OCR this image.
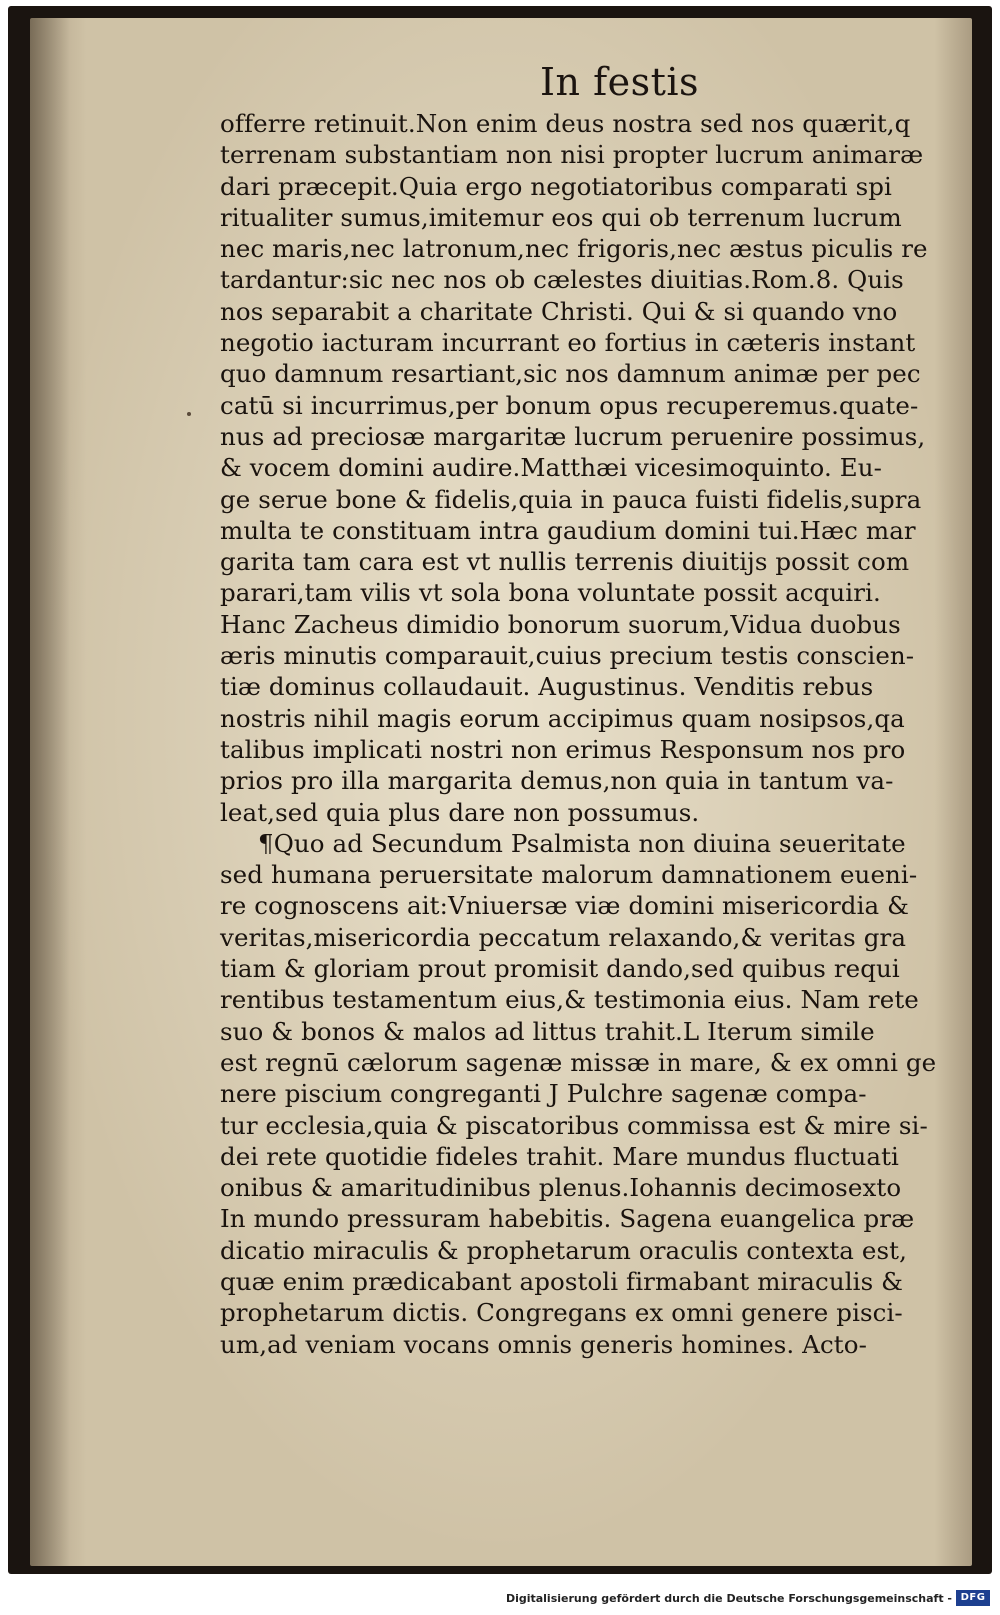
In festis
offerre retinuit.Non enim deus nostra sed nos quærit,q
terrenam substantiam non nisi propter lucrum animaræ
dari præcepit.Quia ergo negotiatoribus comparati spi
ritualiter sumus,imitemur eos qui ob terrenum lucrum
nec maris,nec latronum,nec frigoris,nec æstus piculis re
tardantur:sic nec nos ob cælestes diuitias.Rom.8. Quis
nos separabit a charitate Christi. Qui & si quando vno
negotio iacturam incurrant eo fortius in cæteris instant
quo damnum resartiant,sic nos damnum animæ per pec
catū si incurrimus,per bonum opus recuperemus.quate-
nus ad preciosæ margaritæ lucrum peruenire possimus,
& vocem domini audire.Matthæi vicesimoquinto. Eu-
ge serue bone & fidelis,quia in pauca fuisti fidelis,supra
multa te constituam intra gaudium domini tui.Hæc mar
garita tam cara est vt nullis terrenis diuitijs possit com
parari,tam vilis vt sola bona voluntate possit acquiri.
Hanc Zacheus dimidio bonorum suorum,Vidua duobus
æris minutis comparauit,cuius precium testis conscien-
tiæ dominus collaudauit. Augustinus. Venditis rebus
nostris nihil magis eorum accipimus quam nosipsos,qa
talibus implicati nostri non erimus Responsum nos pro
prios pro illa margarita demus,non quia in tantum va-
leat,sed quia plus dare non possumus.
¶Quo ad Secundum Psalmista non diuina seueritate
sed humana peruersitate malorum damnationem eueni-
re cognoscens ait:Vniuersæ viæ domini misericordia &
veritas,misericordia peccatum relaxando,& veritas gra
tiam & gloriam prout promisit dando,sed quibus requi
rentibus testamentum eius,& testimonia eius. Nam rete
suo & bonos & malos ad littus trahit.L Iterum simile
est regnū cælorum sagenæ missæ in mare, & ex omni ge
nere piscium congreganti J Pulchre sagenæ compa-
tur ecclesia,quia & piscatoribus commissa est & mire si-
dei rete quotidie fideles trahit. Mare mundus fluctuati
onibus & amaritudinibus plenus.Iohannis decimosexto
In mundo pressuram habebitis. Sagena euangelica præ
dicatio miraculis & prophetarum oraculis contexta est,
quæ enim prædicabant apostoli firmabant miraculis &
prophetarum dictis. Congregans ex omni genere pisci-
um,ad veniam vocans omnis generis homines. Acto-
Digitalisierung gefördert durch die Deutsche Forschungsgemeinschaft - DFG
